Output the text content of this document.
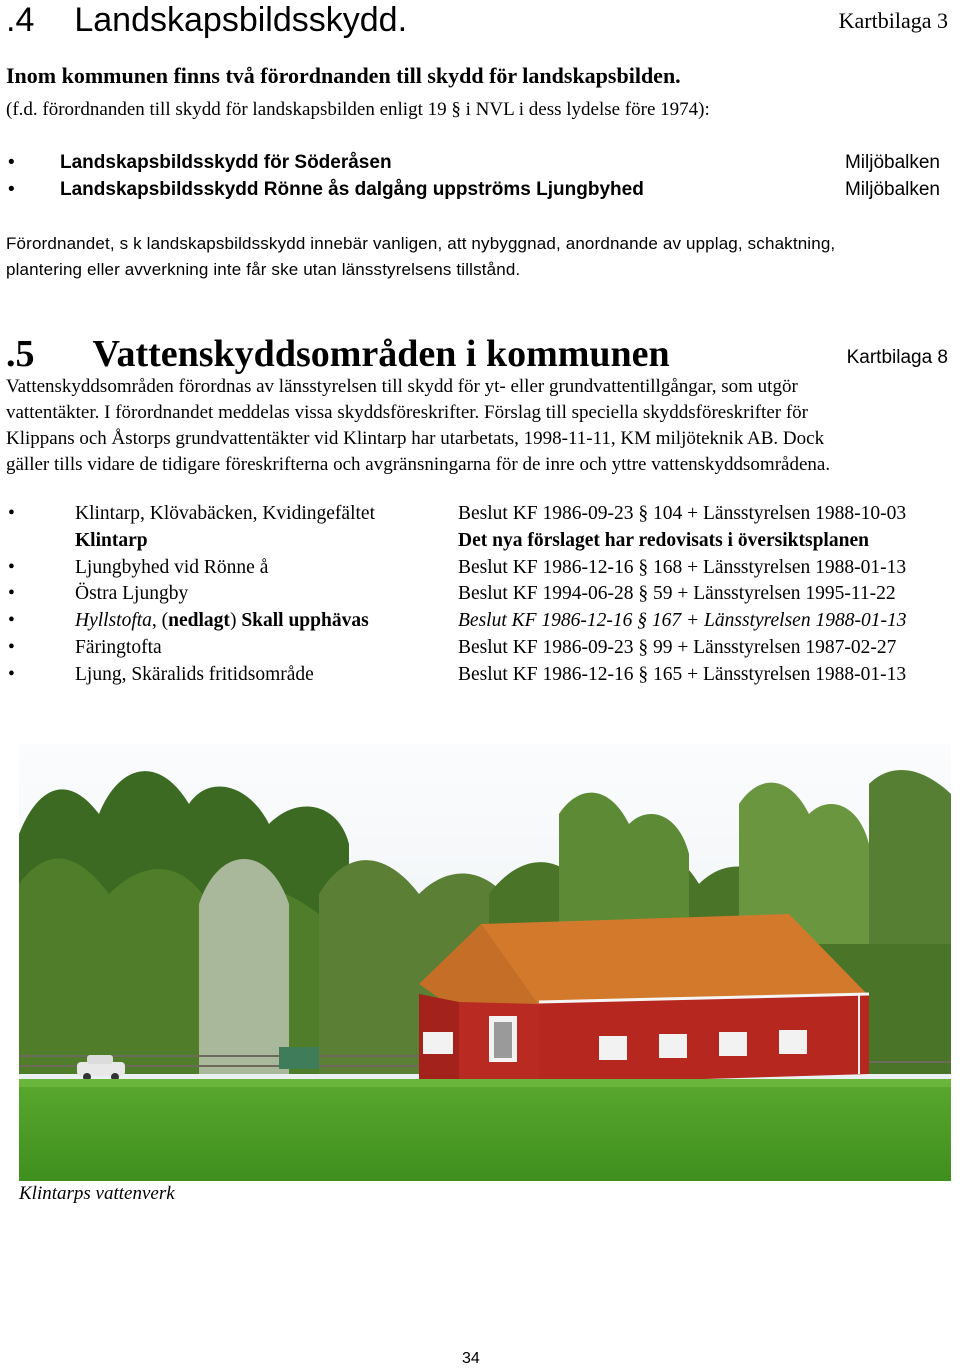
.4 Landskapsbildsskydd.	Kartbilaga 3
Inom kommunen finns två förordnanden till skydd för landskapsbilden.
(f.d. förordnanden till skydd för landskapsbilden enligt 19 § i NVL i dess lydelse före 1974):
• Landskapsbildsskydd för Söderåsen	Miljöbalken
• Landskapsbildsskydd Rönne ås dalgång uppströms Ljungbyhed	Miljöbalken
Förordnandet, s k landskapsbildsskydd innebär vanligen, att nybyggnad, anordnande av upplag, schaktning,
plantering eller avverkning inte får ske utan länsstyrelsens tillstånd.
.5 Vattenskyddsområden i kommunen	Kartbilaga 8
Vattenskyddsområden förordnas av länsstyrelsen till skydd för yt- eller grundvattentillgångar, som utgör
vattentäkter. I förordnandet meddelas vissa skyddsföreskrifter. Förslag till speciella skyddsföreskrifter för
Klippans och Åstorps grundvattentäkter vid Klintarp har utarbetats, 1998-11-11, KM miljöteknik AB. Dock
gäller tills vidare de tidigare föreskrifterna och avgränsningarna för de inre och yttre vattenskyddsområdena.
•	Klintarp, Klövabäcken, Kvidingefältet	Beslut KF 1986-09-23 § 104 + Länsstyrelsen 1988-10-03
Klintarp	Det nya förslaget har redovisats i översiktsplanen
•	Ljungbyhed vid Rönne å	Beslut KF 1986-12-16 § 168 + Länsstyrelsen 1988-01-13
•	Östra Ljungby	Beslut KF 1994-06-28 § 59 + Länsstyrelsen 1995-11-22
•	Hyllstofta, (nedlagt) Skall upphävas	Beslut KF 1986-12-16 § 167 + Länsstyrelsen 1988-01-13
•	Färingtofta	Beslut KF 1986-09-23 § 99 + Länsstyrelsen 1987-02-27
•	Ljung, Skäralids fritidsområde	Beslut KF 1986-12-16 § 165 + Länsstyrelsen 1988-01-13
Klintarps vattenverk
34
